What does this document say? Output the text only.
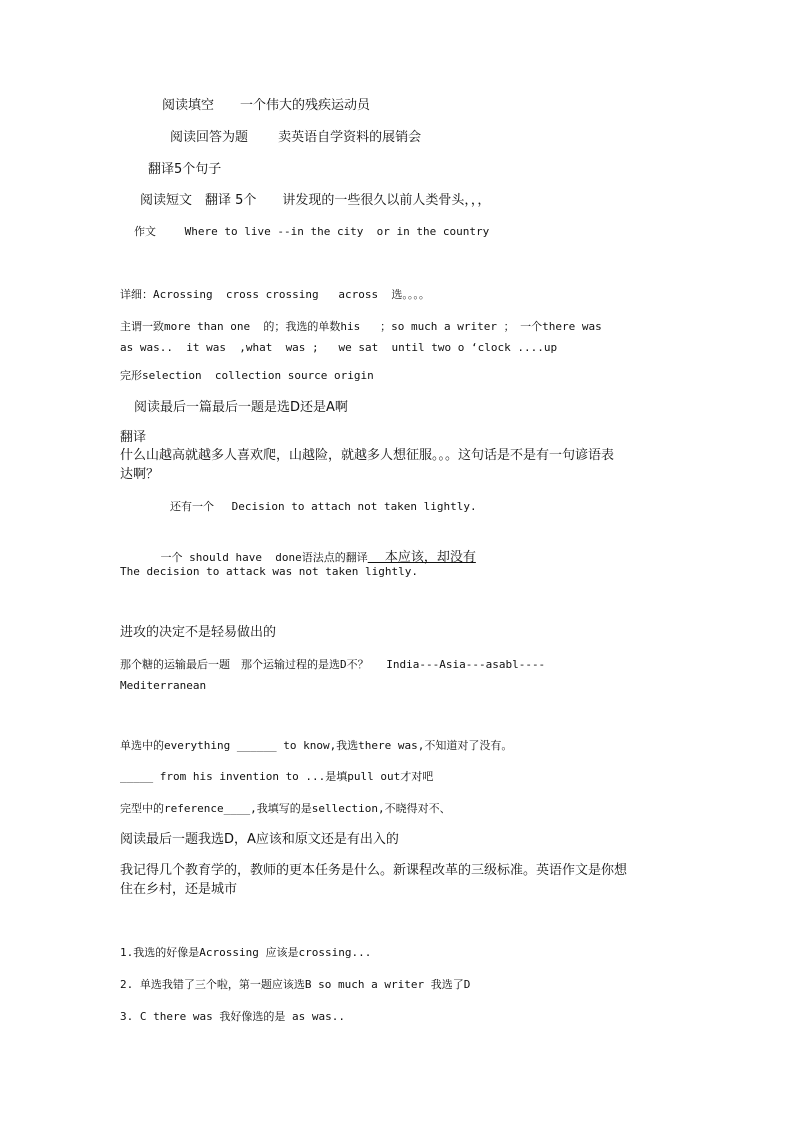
阅读填空　　一个伟大的残疾运动员
阅读回答为题　　 卖英语自学资料的展销会
翻译5个句子
阅读短文　翻译 5个　　讲发现的一些很久以前人类骨头，，，
作文　　 Where to live --in the city  or in the country
详细：Acrossing  cross crossing   across  选。。。。
主谓一致more than one  的；我选的单数his   ；so much a writer ；　一个there was
as was..  it was  ,what  was ;   we sat  until two o ‘clock ....up
完形selection  collection source origin
阅读最后一篇最后一题是选D还是A啊
翻译
什么山越高就越多人喜欢爬，山越险，就越多人想征服。。。这句话是不是有一句谚语表
达啊？
还有一个　 Decision to attach not taken lightly.

一个 should have  done语法点的翻译　 本应该，却没有

The decision to attack was not taken lightly.
进攻的决定不是轻易做出的
那个糖的运输最后一题　那个运输过程的是选D不？　 India---Asia---asabl----
Mediterranean
单选中的everything ______ to know,我选there was,不知道对了没有。
_____ from his invention to ...是填pull out才对吧
完型中的reference____,我填写的是sellection,不晓得对不、
阅读最后一题我选D，A应该和原文还是有出入的
我记得几个教育学的，教师的更本任务是什么。新课程改革的三级标准。英语作文是你想
住在乡村，还是城市
1.我选的好像是Acrossing 应该是crossing...
2. 单选我错了三个啦，第一题应该选B so much a writer 我选了D
3. C there was 我好像选的是 as was..
